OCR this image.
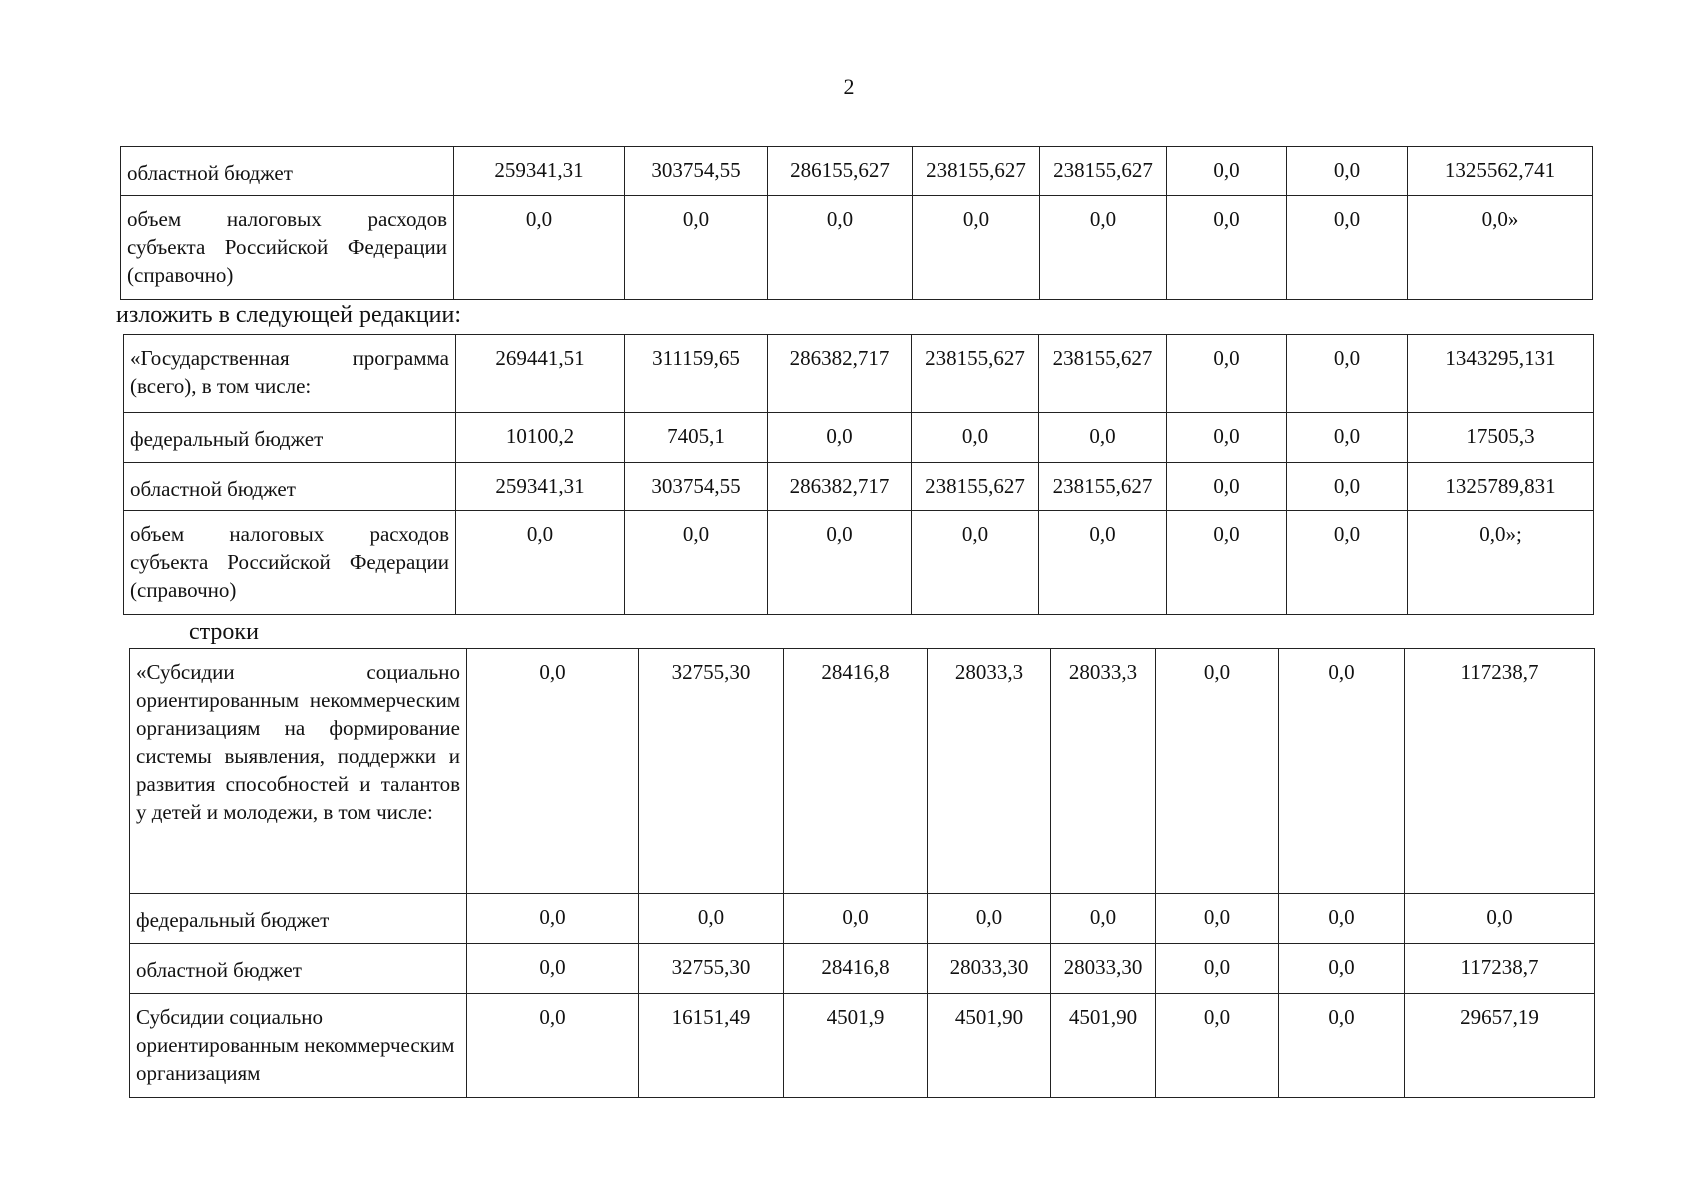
2
областной бюджет	259341,31	303754,55	286155,627	238155,627	238155,627	0,0	0,0	1325562,741
объем налоговых расходов субъекта Российской Федерации (справочно)	0,0	0,0	0,0	0,0	0,0	0,0	0,0	0,0»
изложить в следующей редакции:
«Государственная программа (всего), в том числе:	269441,51	311159,65	286382,717	238155,627	238155,627	0,0	0,0	1343295,131
федеральный бюджет	10100,2	7405,1	0,0	0,0	0,0	0,0	0,0	17505,3
областной бюджет	259341,31	303754,55	286382,717	238155,627	238155,627	0,0	0,0	1325789,831
объем налоговых расходов субъекта Российской Федерации (справочно)	0,0	0,0	0,0	0,0	0,0	0,0	0,0	0,0»;
строки
«Субсидии социально ориентированным некоммерческим организациям на формирование системы выявления, поддержки и развития способностей и талантов у детей и молодежи, в том числе:	0,0	32755,30	28416,8	28033,3	28033,3	0,0	0,0	117238,7
федеральный бюджет	0,0	0,0	0,0	0,0	0,0	0,0	0,0	0,0
областной бюджет	0,0	32755,30	28416,8	28033,30	28033,30	0,0	0,0	117238,7
Субсидии социально ориентированным некоммерческим организациям	0,0	16151,49	4501,9	4501,90	4501,90	0,0	0,0	29657,19
